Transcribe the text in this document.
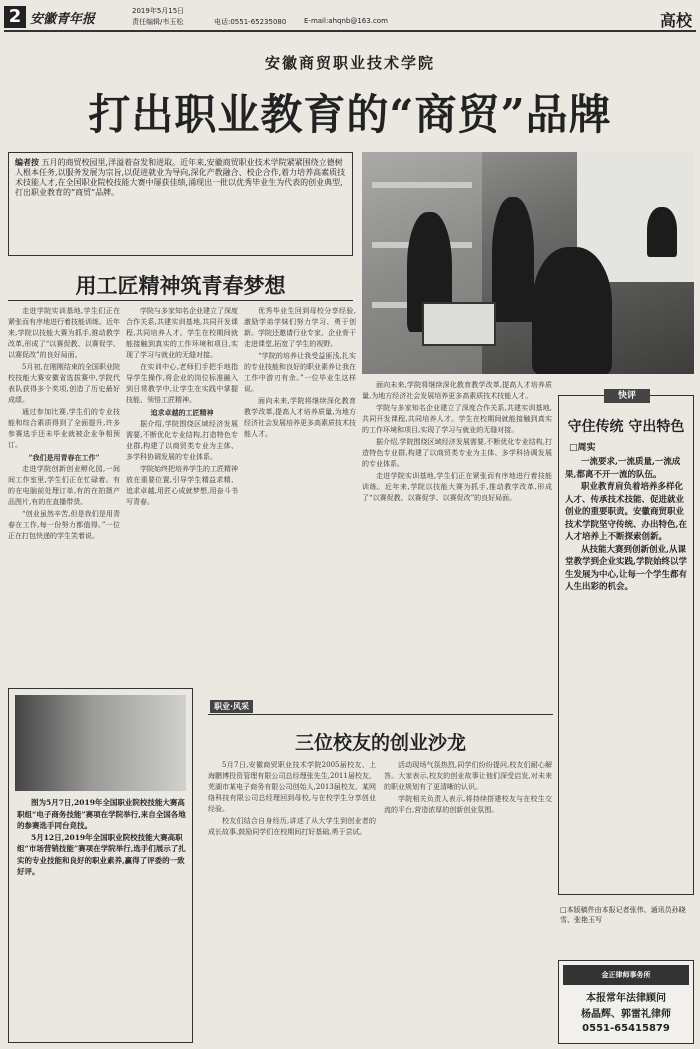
2 安徽青年报
2019年5月15日
责任编辑/韦玉松	电话:0551-65235080	E-mail:ahqnb@163.com	高校
安徽商贸职业技术学院
打出职业教育的“商贸”品牌
编者按 五月的商贸校园里,洋溢着奋发和进取。近年来,安徽商贸职业技术学院紧紧围绕立德树人根本任务,以服务发展为宗旨,以促进就业为导向,深化产教融合、校企合作,着力培养高素质技术技能人才,在全国职业院校技能大赛中屡获佳绩,涌现出一批以优秀毕业生为代表的创业典型,打出职业教育的“商贸”品牌。
用工匠精神筑青春梦想

走进学院实训基地,学生们正在紧张而有序地进行着技能训练。近年来,学院以技能大赛为抓手,推动教学改革,形成了“以赛促教、以赛促学、以赛促改”的良好局面。

5月初,在刚刚结束的全国职业院校技能大赛安徽省选拔赛中,学院代表队获得多个奖项,创造了历史最好成绩。

通过参加比赛,学生们的专业技能和综合素质得到了全面提升,许多参赛选手还未毕业就被企业争相预订。

“我们是用青春在工作”

走进学院创新创业孵化园,一间间工作室里,学生们正在忙碌着。有的在电脑前处理订单,有的在拍摄产品图片,有的在直播带货。

“创业虽然辛苦,但是我们是用青春在工作,每一份努力都值得。”一位正在打包快递的学生笑着说。

学院与多家知名企业建立了深度合作关系,共建实训基地,共同开发课程,共同培养人才。学生在校期间就能接触到真实的工作环境和项目,实现了学习与就业的无缝对接。

在实训中心,老师们手把手地指导学生操作,将企业的岗位标准融入到日常教学中,让学生在实践中掌握技能、领悟工匠精神。

追求卓越的工匠精神

据介绍,学院围绕区域经济发展需要,不断优化专业结构,打造特色专业群,构建了以商贸类专业为主体、多学科协调发展的专业体系。

学院始终把培养学生的工匠精神放在重要位置,引导学生精益求精、追求卓越,用匠心成就梦想,用奋斗书写青春。

优秀毕业生回到母校分享经验,激励学弟学妹们努力学习、勇于创新。学院还邀请行业专家、企业骨干走进课堂,拓宽了学生的视野。

“学院的培养让我受益匪浅,扎实的专业技能和良好的职业素养让我在工作中游刃有余。”一位毕业生这样说。

面向未来,学院将继续深化教育教学改革,提高人才培养质量,为地方经济社会发展培养更多高素质技术技能人才。

面向未来,学院将继续深化教育教学改革,提高人才培养质量,为地方经济社会发展培养更多高素质技术技能人才。

学院与多家知名企业建立了深度合作关系,共建实训基地,共同开发课程,共同培养人才。学生在校期间就能接触到真实的工作环境和项目,实现了学习与就业的无缝对接。

据介绍,学院围绕区域经济发展需要,不断优化专业结构,打造特色专业群,构建了以商贸类专业为主体、多学科协调发展的专业体系。

走进学院实训基地,学生们正在紧张而有序地进行着技能训练。近年来,学院以技能大赛为抓手,推动教学改革,形成了“以赛促教、以赛促学、以赛促改”的良好局面。

快评
守住传统 守出特色
□周实

一流要求,一流质量,一流成果,都离不开一流的队伍。

职业教育肩负着培养多样化人才、传承技术技能、促进就业创业的重要职责。安徽商贸职业技术学院坚守传统、办出特色,在人才培养上不断探索创新。

从技能大赛到创新创业,从课堂教学到企业实践,学院始终以学生发展为中心,让每一个学生都有人生出彩的机会。

□本版稿件由本报记者张伟、通讯员孙晓雪、张艳玉写

图为5月7日,2019年全国职业院校技能大赛高职组“电子商务技能”赛项在学院举行,来自全国各地的参赛选手同台竞技。

5月12日,2019年全国职业院校技能大赛高职组“市场营销技能”赛项在学院举行,选手们展示了扎实的专业技能和良好的职业素养,赢得了评委的一致好评。

职业·风采
三位校友的创业沙龙

5月7日,安徽商贸职业技术学院2005届校友、上海鹏博投资管理有限公司总经理张先生,2011届校友、芜湖市某电子商务有限公司创始人,2013届校友、某网络科技有限公司总经理回到母校,与在校学生分享创业经验。

校友们结合自身经历,讲述了从大学生到创业者的成长故事,鼓励同学们在校期间打好基础,勇于尝试。

活动现场气氛热烈,同学们纷纷提问,校友们耐心解答。大家表示,校友的创业故事让他们深受启发,对未来的职业规划有了更清晰的认识。

学院相关负责人表示,将持续搭建校友与在校生交流的平台,营造浓厚的创新创业氛围。

金正律师事务所
本报常年法律顾问
杨晶辉、郭雷礼律师
0551-65415879
